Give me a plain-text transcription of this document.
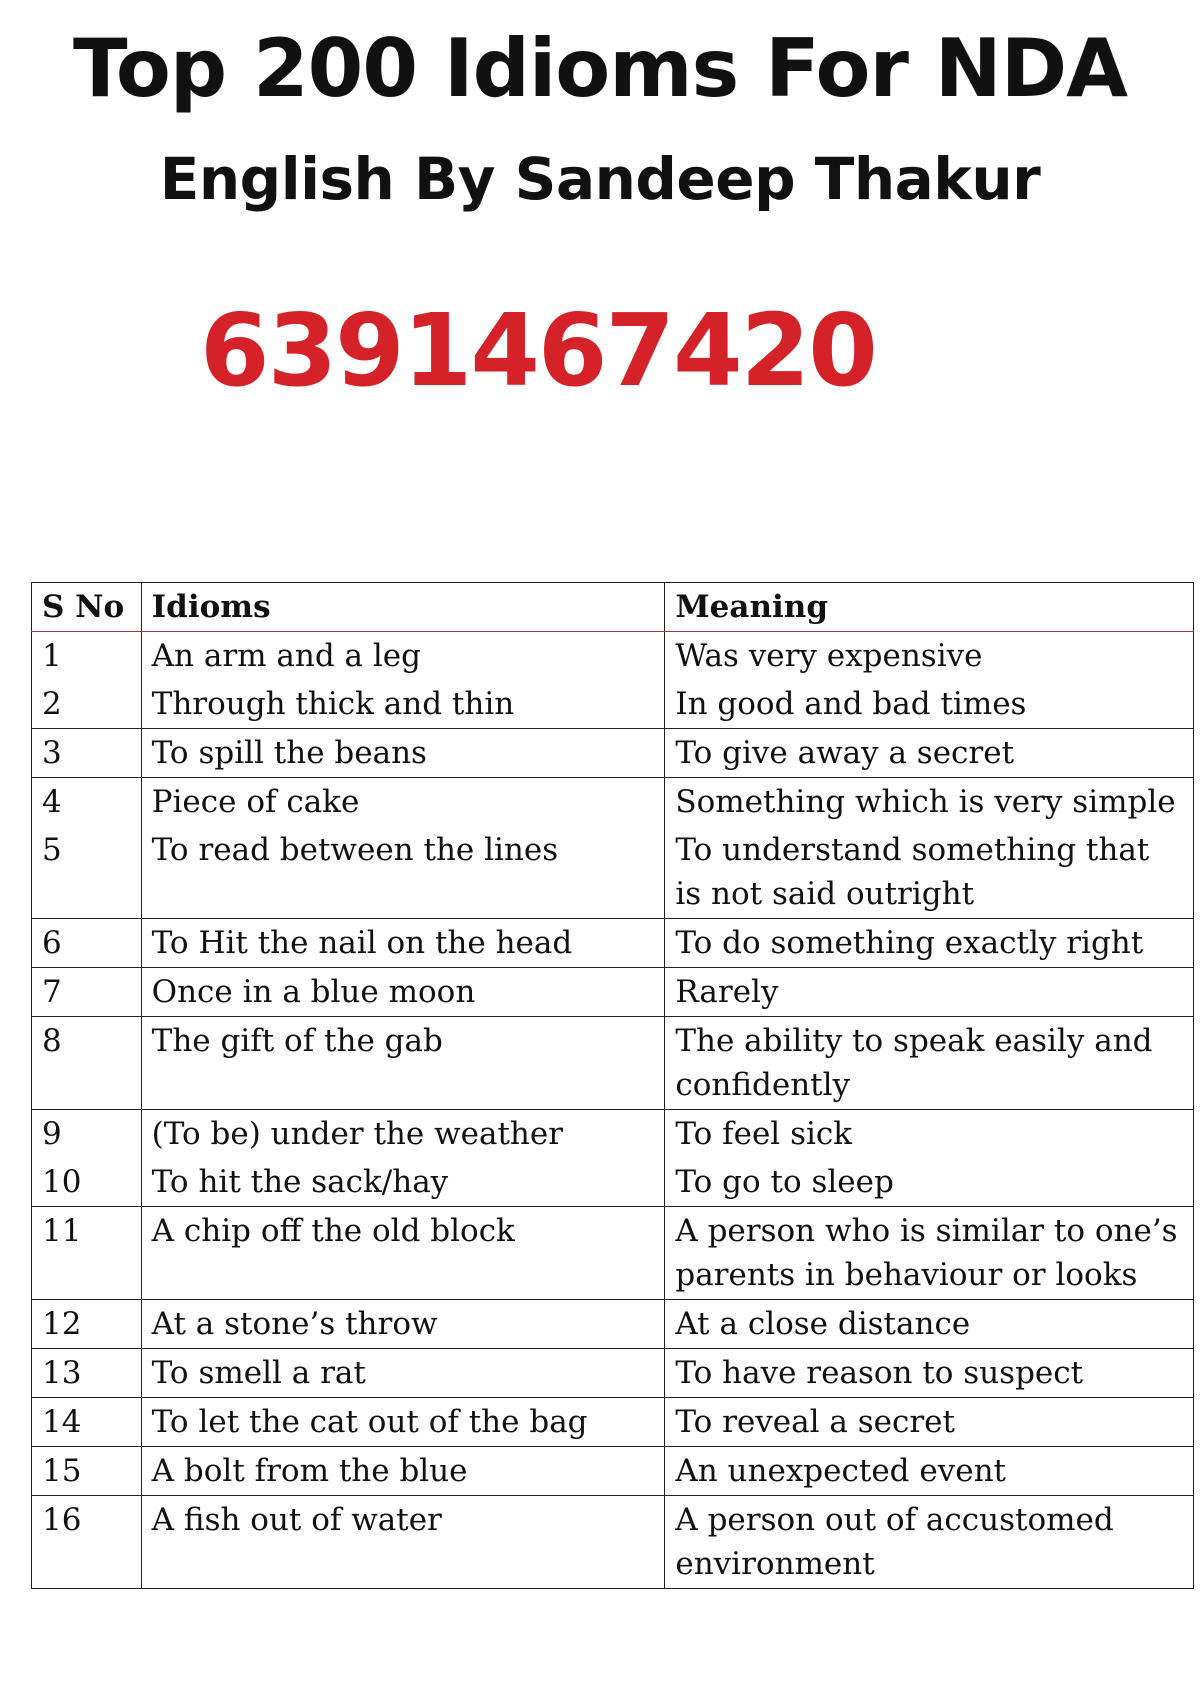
Top 200 Idioms For NDA
English By Sandeep Thakur
6391467420
S No	Idioms	Meaning
1	An arm and a leg	Was very expensive
2	Through thick and thin	In good and bad times
3	To spill the beans	To give away a secret
4	Piece of cake	Something which is very simple
5	To read between the lines	To understand something that is not said outright
6	To Hit the nail on the head	To do something exactly right
7	Once in a blue moon	Rarely
8	The gift of the gab	The ability to speak easily and confidently
9	(To be) under the weather	To feel sick
10	To hit the sack/hay	To go to sleep
11	A chip off the old block	A person who is similar to one’s parents in behaviour or looks
12	At a stone’s throw	At a close distance
13	To smell a rat	To have reason to suspect
14	To let the cat out of the bag	To reveal a secret
15	A bolt from the blue	An unexpected event
16	A fish out of water	A person out of accustomed environment
